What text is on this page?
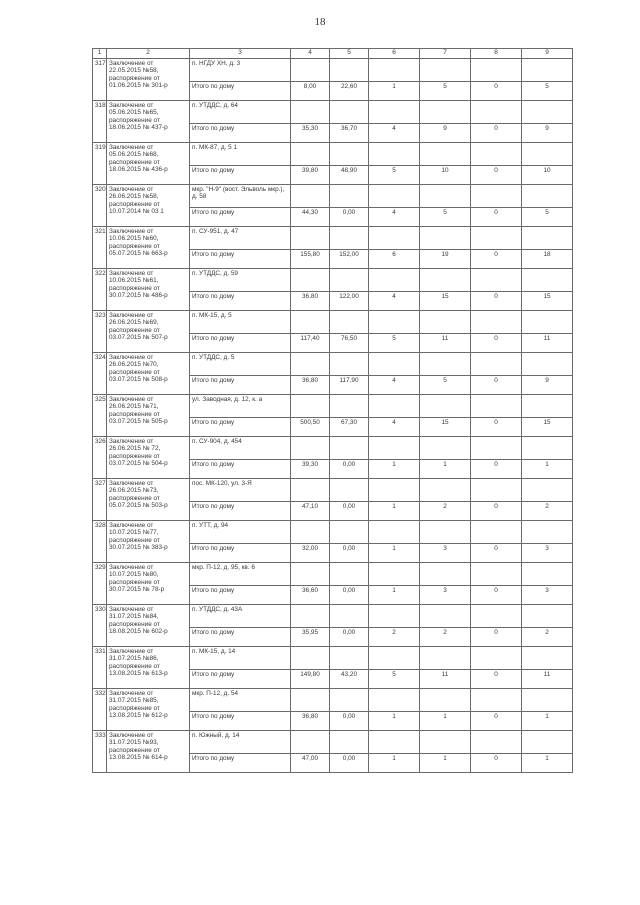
18
1	2	3	4	5	6	7	8	9
317	Заключение от 22.05.2015 №58, распоряжение от 01.06.2015 № 301-р	п. НГДУ ХН, д. 3						
		Итого по дому	8,00	22,60	1	5	0	5
318	Заключение от 05.06.2015 №65, распоряжение от 18.06.2015 № 437-р	п. УТДДС, д. 64						
		Итого по дому	35,30	36,70	4	9	0	9
319	Заключение от 05.06.2015 №68, распоряжение от 18.06.2015 № 436-р	п. МК-87, д. 5 1						
		Итого по дому	39,80	48,90	5	10	0	10
320	Заключение от 26.06.2015 №58, распоряжение от 10.07.2014 № 03 1	мкр. "Н-9" (вост. Эльволь мкр.), д. 58						
		Итого по дому	44,30	0,00	4	5	0	5
321	Заключение от 10.06.2015 №60, распоряжение от 05.07.2015 № 663-р	п. СУ-951, д. 47						
		Итого по дому	155,80	152,00	6	19	0	18
322	Заключение от 10.06.2015 №61, распоряжение от 30.07.2015 № 486-р	п. УТДДС, д. 59						
		Итого по дому	36,80	122,00	4	15	0	15
323	Заключение от 26.06.2015 №69, распоряжение от 03.07.2015 № 507-р	п. МК-15, д. 5						
		Итого по дому	117,40	76,50	5	11	0	11
324	Заключение от 26.06.2015 №70, распоряжение от 03.07.2015 № 508-р	п. УТДДС, д. 5						
		Итого по дому	36,80	117,90	4	5	0	9
325	Заключение от 26.06.2015 №71, распоряжение от 03.07.2015 № 505-р	ул. Заводная, д. 12, к. а						
		Итого по дому	500,50	67,30	4	15	0	15
326	Заключение от 26.06.2015 № 72, распоряжение от 03.07.2015 № 504-р	п. СУ-904, д. 454						
		Итого по дому	39,30	0,00	1	1	0	1
327	Заключение от 26.06.2015 №73, распоряжение от 05.07.2015 № 503-р	пос. МК-120, ул. 3-Я						
		Итого по дому	47,10	0,00	1	2	0	2
328	Заключение от 10.07.2015 №77, распоряжение от 30.07.2015 № 383-р	п. УТТ, д. 94						
		Итого по дому	32,00	0,00	1	3	0	3
329	Заключение от 10.07.2015 №80, распоряжение от 30.07.2015 № 78-р	мкр. П-12, д. 95, кв. 6						
		Итого по дому	36,60	0,00	1	3	0	3
330	Заключение от 31.07.2015 №84, распоряжение от 18.08.2015 № 602-р	п. УТДДС, д. 43А						
		Итого по дому	35,95	0,00	2	2	0	2
331	Заключение от 31.07.2015 №86, распоряжение от 13.08.2015 № 613-р	п. МК-15, д. 14						
		Итого по дому	149,80	43,20	5	11	0	11
332	Заключение от 31.07.2015 №85, распоряжение от 13.08.2015 № 612-р	мкр. П-12, д. 54						
		Итого по дому	36,80	0,00	1	1	0	1
333	Заключение от 31.07.2015 №93, распоряжение от 13.08.2015 № 614-р	п. Южный, д. 14						
		Итого по дому	47,00	0,00	1	1	0	1
